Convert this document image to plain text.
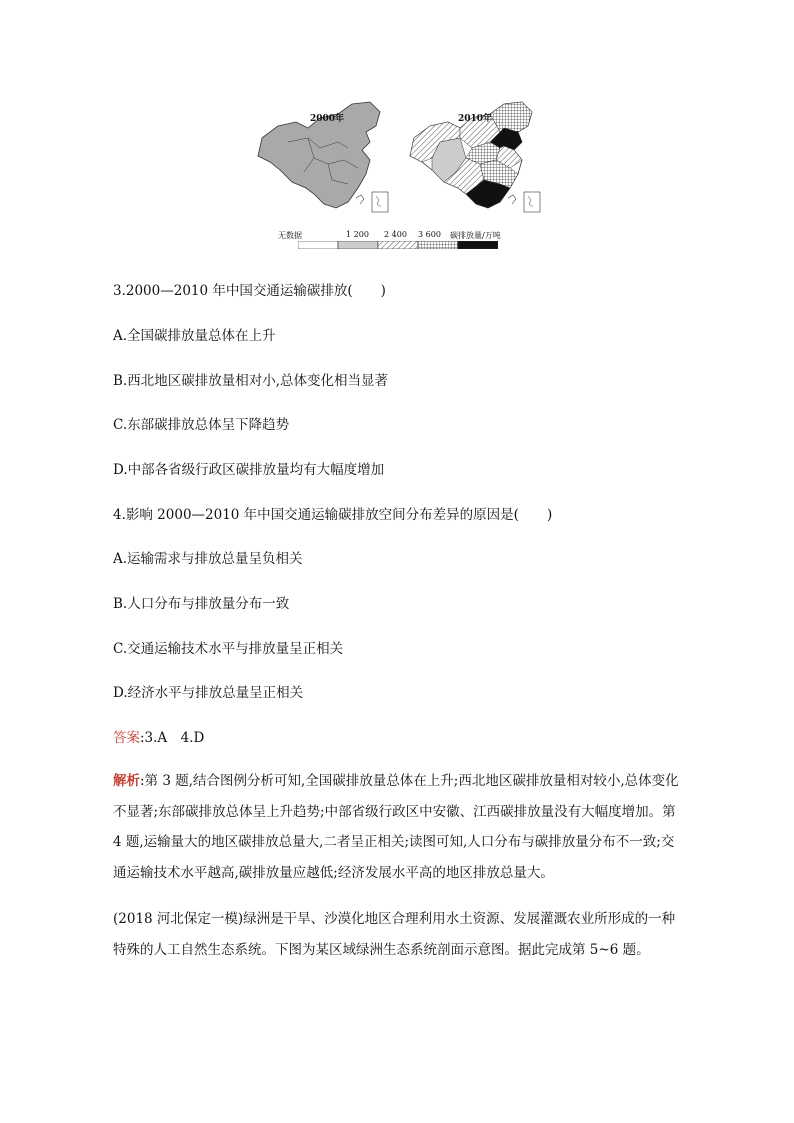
2000年	2010年
无数据	1 200 2 400 3 600 碳排放量/万吨
3.2000—2010 年中国交通运输碳排放( )
A.全国碳排放量总体在上升
B.西北地区碳排放量相对小,总体变化相当显著
C.东部碳排放总体呈下降趋势
D.中部各省级行政区碳排放量均有大幅度增加
4.影响 2000—2010 年中国交通运输碳排放空间分布差异的原因是( )
A.运输需求与排放总量呈负相关
B.人口分布与排放量分布一致
C.交通运输技术水平与排放量呈正相关
D.经济水平与排放总量呈正相关
答案:3.A　4.D
解析:第 3 题,结合图例分析可知,全国碳排放量总体在上升;西北地区碳排放量相对较小,总体变化不显著;东部碳排放总体呈上升趋势;中部省级行政区中安徽、江西碳排放量没有大幅度增加。第 4 题,运输量大的地区碳排放总量大,二者呈正相关;读图可知,人口分布与碳排放量分布不一致;交通运输技术水平越高,碳排放量应越低;经济发展水平高的地区排放总量大。
(2018 河北保定一模)绿洲是干旱、沙漠化地区合理利用水土资源、发展灌溉农业所形成的一种特殊的人工自然生态系统。下图为某区域绿洲生态系统剖面示意图。据此完成第 5~6 题。
